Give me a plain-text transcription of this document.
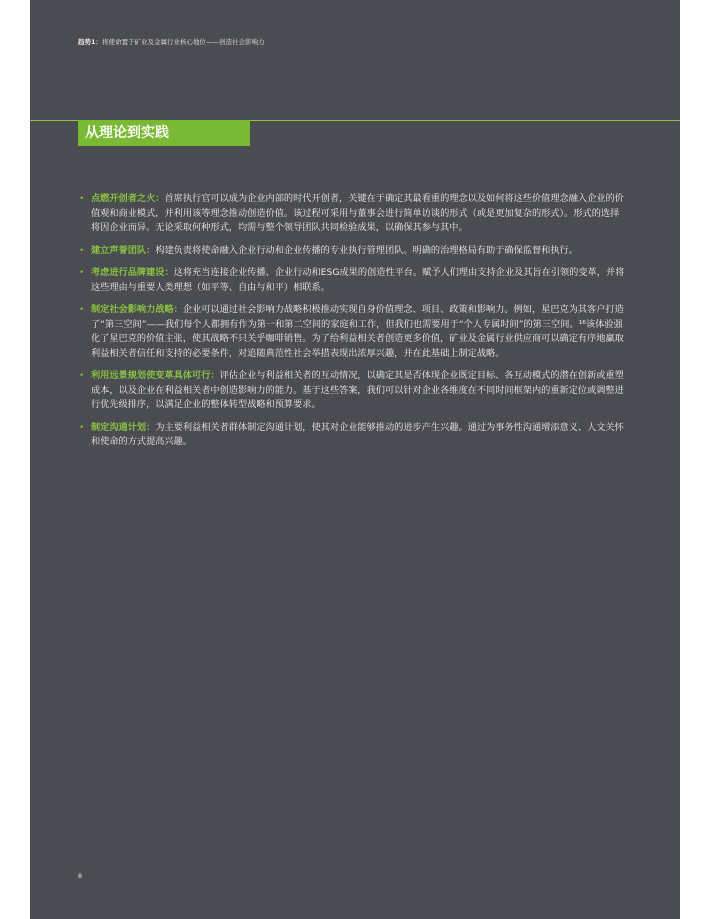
趋势1：将使命置于矿业及金属行业核心地位——创造社会影响力
从理论到实践
• 点燃开创者之火：首席执行官可以成为企业内部的时代开创者，关键在于确定其最看重的理念以及如何将这些价值理念融入企业的价值观和商业模式，并利用该等理念推动创造价值。该过程可采用与董事会进行简单访谈的形式（或是更加复杂的形式）。形式的选择将因企业而异。无论采取何种形式，均需与整个领导团队共同检验成果，以确保其参与其中。
• 建立声誉团队：构建负责将使命融入企业行动和企业传播的专业执行管理团队。明确的治理格局有助于确保监督和执行。
• 考虑进行品牌建设：这将充当连接企业传播、企业行动和ESG成果的创造性平台。赋予人们理由支持企业及其旨在引领的变革，并将这些理由与重要人类理想（如平等、自由与和平）相联系。
• 制定社会影响力战略：企业可以通过社会影响力战略积极推动实现自身价值理念、项目、政策和影响力。例如，星巴克为其客户打造了“第三空间”——我们每个人都拥有作为第一和第二空间的家庭和工作，但我们也需要用于“个人专属时间”的第三空间。¹⁶该体验强化了星巴克的价值主张，使其战略不只关乎咖啡销售。为了给利益相关者创造更多价值，矿业及金属行业供应商可以确定有序地赢取利益相关者信任和支持的必要条件，对追随典范性社会举措表现出浓厚兴趣，并在此基础上制定战略。
• 利用远景规划使变革具体可行：评估企业与利益相关者的互动情况，以确定其是否体现企业既定目标、各互动模式的潜在创新或重塑成本，以及企业在利益相关者中创造影响力的能力。基于这些答案，我们可以针对企业各维度在不同时间框架内的重新定位或调整进行优先级排序，以满足企业的整体转型战略和预算要求。
• 制定沟通计划：为主要利益相关者群体制定沟通计划，使其对企业能够推动的进步产生兴趣。通过为事务性沟通增添意义、人文关怀和使命的方式提高兴趣。
8
